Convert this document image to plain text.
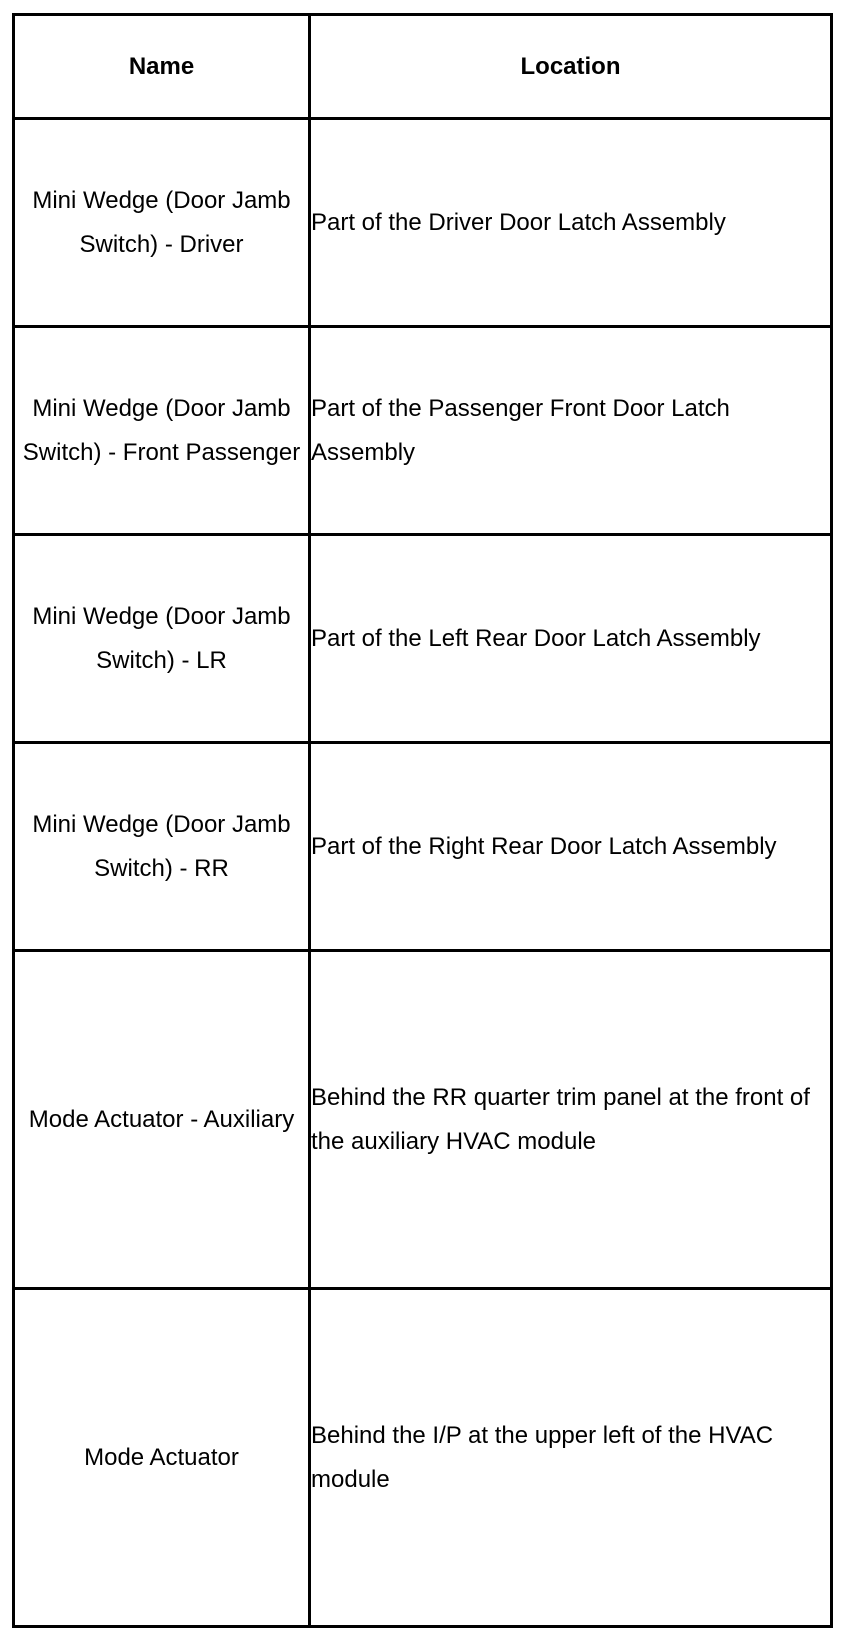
Name	Location
Mini Wedge (Door Jamb Switch) - Driver	Part of the Driver Door Latch Assembly
Mini Wedge (Door Jamb Switch) - Front Passenger	Part of the Passenger Front Door Latch Assembly
Mini Wedge (Door Jamb Switch) - LR	Part of the Left Rear Door Latch Assembly
Mini Wedge (Door Jamb Switch) - RR	Part of the Right Rear Door Latch Assembly
Mode Actuator - Auxiliary	Behind the RR quarter trim panel at the front of the auxiliary HVAC module
Mode Actuator	Behind the I/P at the upper left of the HVAC module
